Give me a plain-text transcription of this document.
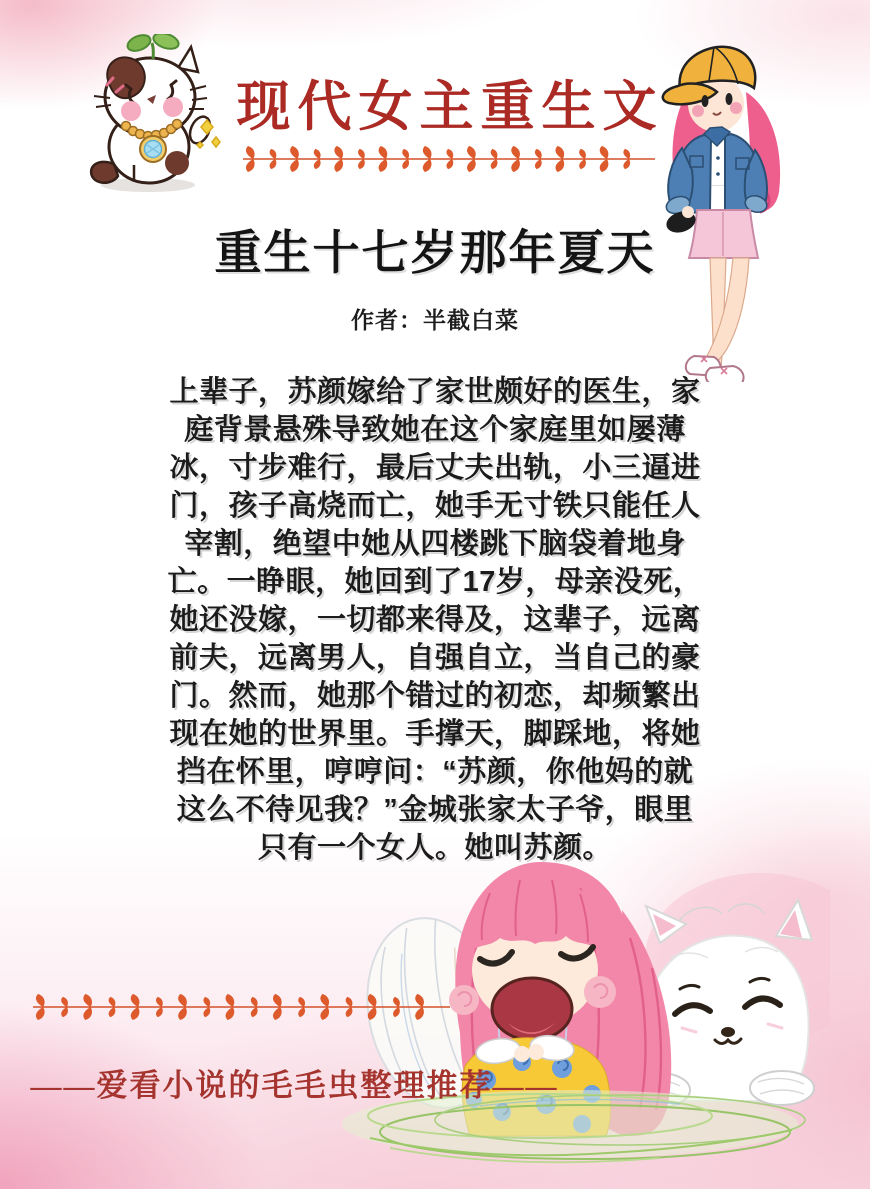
现代女主重生文
重生十七岁那年夏天
作者：半截白菜
上辈子，苏颜嫁给了家世颇好的医生，家
庭背景悬殊导致她在这个家庭里如屡薄
冰，寸步难行，最后丈夫出轨，小三逼进
门，孩子高烧而亡，她手无寸铁只能任人
宰割，绝望中她从四楼跳下脑袋着地身
亡。一睁眼，她回到了17岁，母亲没死，
她还没嫁，一切都来得及，这辈子，远离
前夫，远离男人，自强自立，当自己的豪
门。然而，她那个错过的初恋，却频繁出
现在她的世界里。手撑天，脚踩地，将她
挡在怀里，哼哼问：“苏颜，你他妈的就
这么不待见我？”金城张家太子爷，眼里
只有一个女人。她叫苏颜。
——爱看小说的毛毛虫整理推荐——
